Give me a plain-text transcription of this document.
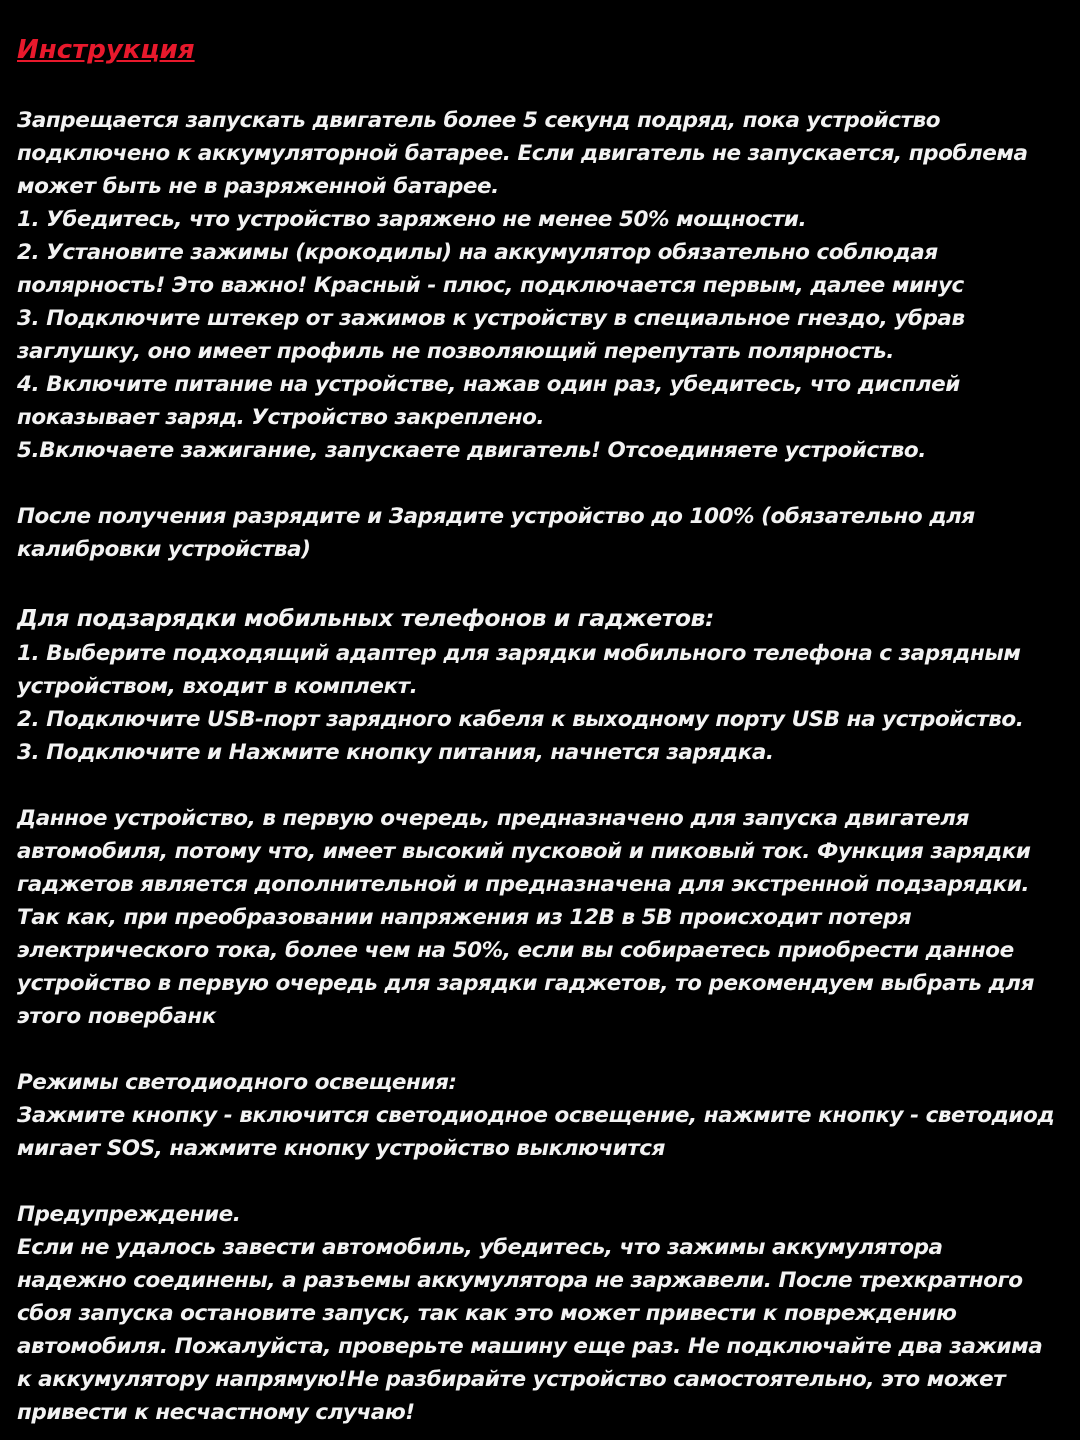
Инструкция
Запрещается запускать двигатель более 5 секунд подряд, пока устройство
подключено к аккумуляторной батарее. Если двигатель не запускается, проблема
может быть не в разряженной батарее.
1. Убедитесь, что устройство заряжено не менее 50% мощности.
2. Установите зажимы (крокодилы) на аккумулятор обязательно соблюдая
полярность! Это важно! Красный - плюс, подключается первым, далее минус
3. Подключите штекер от зажимов к устройству в специальное гнездо, убрав
заглушку, оно имеет профиль не позволяющий перепутать полярность.
4. Включите питание на устройстве, нажав один раз, убедитесь, что дисплей
показывает заряд. Устройство закреплено.
5.Включаете зажигание, запускаете двигатель! Отсоединяете устройство.
После получения разрядите и Зарядите устройство до 100% (обязательно для
калибровки устройства)
Для подзарядки мобильных телефонов и гаджетов:
1. Выберите подходящий адаптер для зарядки мобильного телефона с зарядным
устройством, входит в комплект.
2. Подключите USB-порт зарядного кабеля к выходному порту USB на устройство.
3. Подключите и Нажмите кнопку питания, начнется зарядка.
Данное устройство, в первую очередь, предназначено для запуска двигателя
автомобиля, потому что, имеет высокий пусковой и пиковый ток. Функция зарядки
гаджетов является дополнительной и предназначена для экстренной подзарядки.
Так как, при преобразовании напряжения из 12В в 5В происходит потеря
электрического тока, более чем на 50%, если вы собираетесь приобрести данное
устройство в первую очередь для зарядки гаджетов, то рекомендуем выбрать для
этого повербанк
Режимы светодиодного освещения:
Зажмите кнопку - включится светодиодное освещение, нажмите кнопку - светодиод
мигает SOS, нажмите кнопку устройство выключится
Предупреждение.
Если не удалось завести автомобиль, убедитесь, что зажимы аккумулятора
надежно соединены, а разъемы аккумулятора не заржавели. После трехкратного
сбоя запуска остановите запуск, так как это может привести к повреждению
автомобиля. Пожалуйста, проверьте машину еще раз. Не подключайте два зажима
к аккумулятору напрямую!Не разбирайте устройство самостоятельно, это может
привести к несчастному случаю!
